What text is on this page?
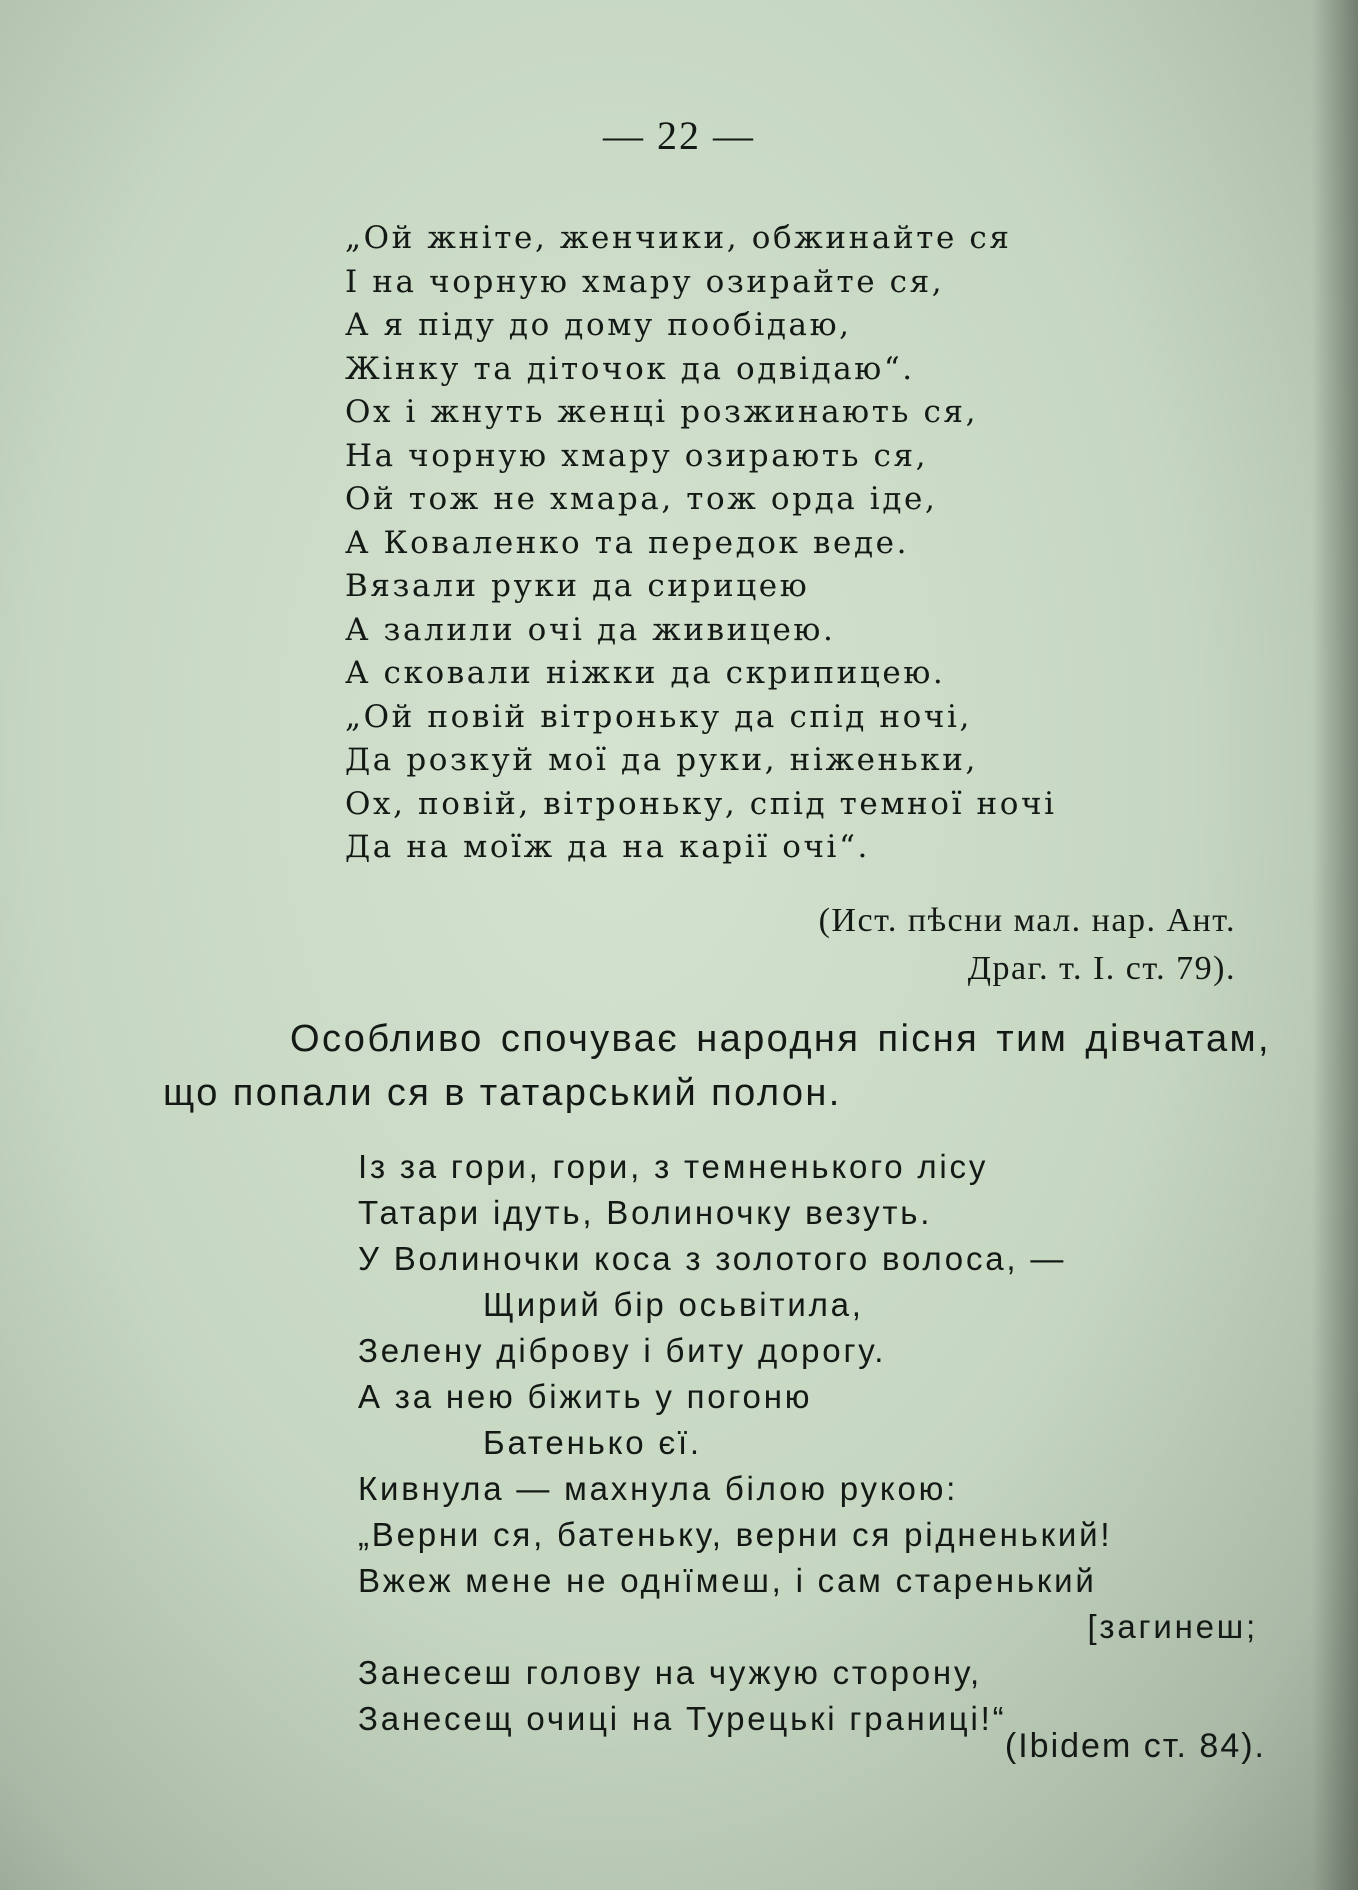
— 22 —
„Ой жніте, женчики, обжинайте ся
І на чорную хмару озирайте ся,
А я піду до дому пообідаю,
Жінку та діточок да одвідаю“.
Ох і жнуть женці розжинають ся,
На чорную хмару озирають ся,
Ой тож не хмара, тож орда іде,
А Коваленко та передок веде.
Вязали руки да сирицею
А залили очі да живицею.
А сковали ніжки да скрипицею.
„Ой повій вітроньку да спід ночі,
Да розкуй мої да руки, ніженьки,
Ох, повій, вітроньку, спід темної ночі
Да на моїж да на карії очі“.
(Ист. пѣсни мал. нар. Ант.
Драг. т. І. ст. 79).

Особливо спочуває народня пісня тим дівчатам, що попали ся в татарський полон.

Із за гори, гори, з темненького лісу
Татари ідуть, Волиночку везуть.
У Волиночки коса з золотого волоса, —
Щирий бір осьвітила,
Зелену діброву і биту дорогу.
А за нею біжить у погоню
Батенько єї.
Кивнула — махнула білою рукою:
„Верни ся, батеньку, верни ся рідненький!
Вжеж мене не однїмеш, і сам старенький
[загинеш;
Занесеш голову на чужую сторону,
Занесещ очиці на Турецькі границі!“
(Ibidem ст. 84).
